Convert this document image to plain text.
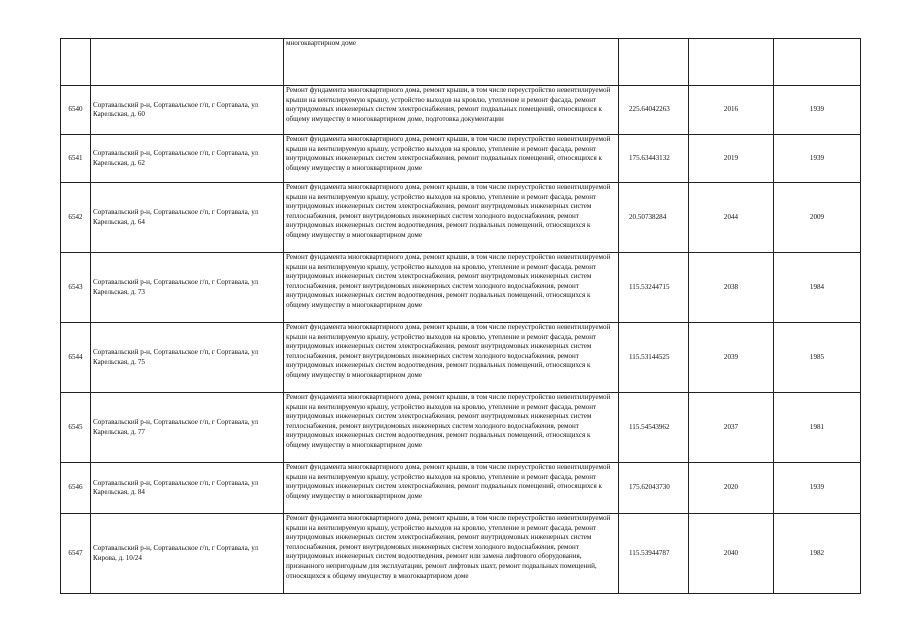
		многоквартирном доме			
6540	Сортавальский р-н, Сортавальское г/п, г Сортавала, ул Карельская, д. 60	Ремонт фундамента многоквартирного дома, ремонт крыши, в том числе переустройство невентилируемой крыши на вентилируемую крышу, устройство выходов на кровлю, утепление и ремонт фасада, ремонт внутридомовых инженерных систем электроснабжения, ремонт подвальных помещений, относящихся к общему имуществу в многоквартирном доме, подготовка документации	225.64042263	2016	1939
6541	Сортавальский р-н, Сортавальское г/п, г Сортавала, ул Карельская, д. 62	Ремонт фундамента многоквартирного дома, ремонт крыши, в том числе переустройство невентилируемой крыши на вентилируемую крышу, устройство выходов на кровлю, утепление и ремонт фасада, ремонт внутридомовых инженерных систем электроснабжения, ремонт подвальных помещений, относящихся к общему имуществу в многоквартирном доме	175.63443132	2019	1939
6542	Сортавальский р-н, Сортавальское г/п, г Сортавала, ул Карельская, д. 64	Ремонт фундамента многоквартирного дома, ремонт крыши, в том числе переустройство невентилируемой крыши на вентилируемую крышу, устройство выходов на кровлю, утепление и ремонт фасада, ремонт внутридомовых инженерных систем электроснабжения, ремонт внутридомовых инженерных систем теплоснабжения, ремонт внутридомовых инженерных систем холодного водоснабжения, ремонт внутридомовых инженерных систем водоотведения, ремонт подвальных помещений, относящихся к общему имуществу в многоквартирном доме	20.50738284	2044	2009
6543	Сортавальский р-н, Сортавальское г/п, г Сортавала, ул Карельская, д. 73	Ремонт фундамента многоквартирного дома, ремонт крыши, в том числе переустройство невентилируемой крыши на вентилируемую крышу, устройство выходов на кровлю, утепление и ремонт фасада, ремонт внутридомовых инженерных систем электроснабжения, ремонт внутридомовых инженерных систем теплоснабжения, ремонт внутридомовых инженерных систем холодного водоснабжения, ремонт внутридомовых инженерных систем водоотведения, ремонт подвальных помещений, относящихся к общему имуществу в многоквартирном доме	115.53244715	2038	1984
6544	Сортавальский р-н, Сортавальское г/п, г Сортавала, ул Карельская, д. 75	Ремонт фундамента многоквартирного дома, ремонт крыши, в том числе переустройство невентилируемой крыши на вентилируемую крышу, устройство выходов на кровлю, утепление и ремонт фасада, ремонт внутридомовых инженерных систем электроснабжения, ремонт внутридомовых инженерных систем теплоснабжения, ремонт внутридомовых инженерных систем холодного водоснабжения, ремонт внутридомовых инженерных систем водоотведения, ремонт подвальных помещений, относящихся к общему имуществу в многоквартирном доме	115.53144525	2039	1985
6545	Сортавальский р-н, Сортавальское г/п, г Сортавала, ул Карельская, д. 77	Ремонт фундамента многоквартирного дома, ремонт крыши, в том числе переустройство невентилируемой крыши на вентилируемую крышу, устройство выходов на кровлю, утепление и ремонт фасада, ремонт внутридомовых инженерных систем электроснабжения, ремонт внутридомовых инженерных систем теплоснабжения, ремонт внутридомовых инженерных систем холодного водоснабжения, ремонт внутридомовых инженерных систем водоотведения, ремонт подвальных помещений, относящихся к общему имуществу в многоквартирном доме	115.54543962	2037	1981
6546	Сортавальский р-н, Сортавальское г/п, г Сортавала, ул Карельская, д. 84	Ремонт фундамента многоквартирного дома, ремонт крыши, в том числе переустройство невентилируемой крыши на вентилируемую крышу, устройство выходов на кровлю, утепление и ремонт фасада, ремонт внутридомовых инженерных систем электроснабжения, ремонт подвальных помещений, относящихся к общему имуществу в многоквартирном доме	175.62043730	2020	1939
6547	Сортавальский р-н, Сортавальское г/п, г Сортавала, ул Кирова, д. 10/24	Ремонт фундамента многоквартирного дома, ремонт крыши, в том числе переустройство невентилируемой крыши на вентилируемую крышу, устройство выходов на кровлю, утепление и ремонт фасада, ремонт внутридомовых инженерных систем электроснабжения, ремонт внутридомовых инженерных систем теплоснабжения, ремонт внутридомовых инженерных систем холодного водоснабжения, ремонт внутридомовых инженерных систем водоотведения, ремонт или замена лифтового оборудования, признанного непригодным для эксплуатации, ремонт лифтовых шахт, ремонт подвальных помещений, относящихся к общему имуществу в многоквартирном доме	115.53944787	2040	1982
